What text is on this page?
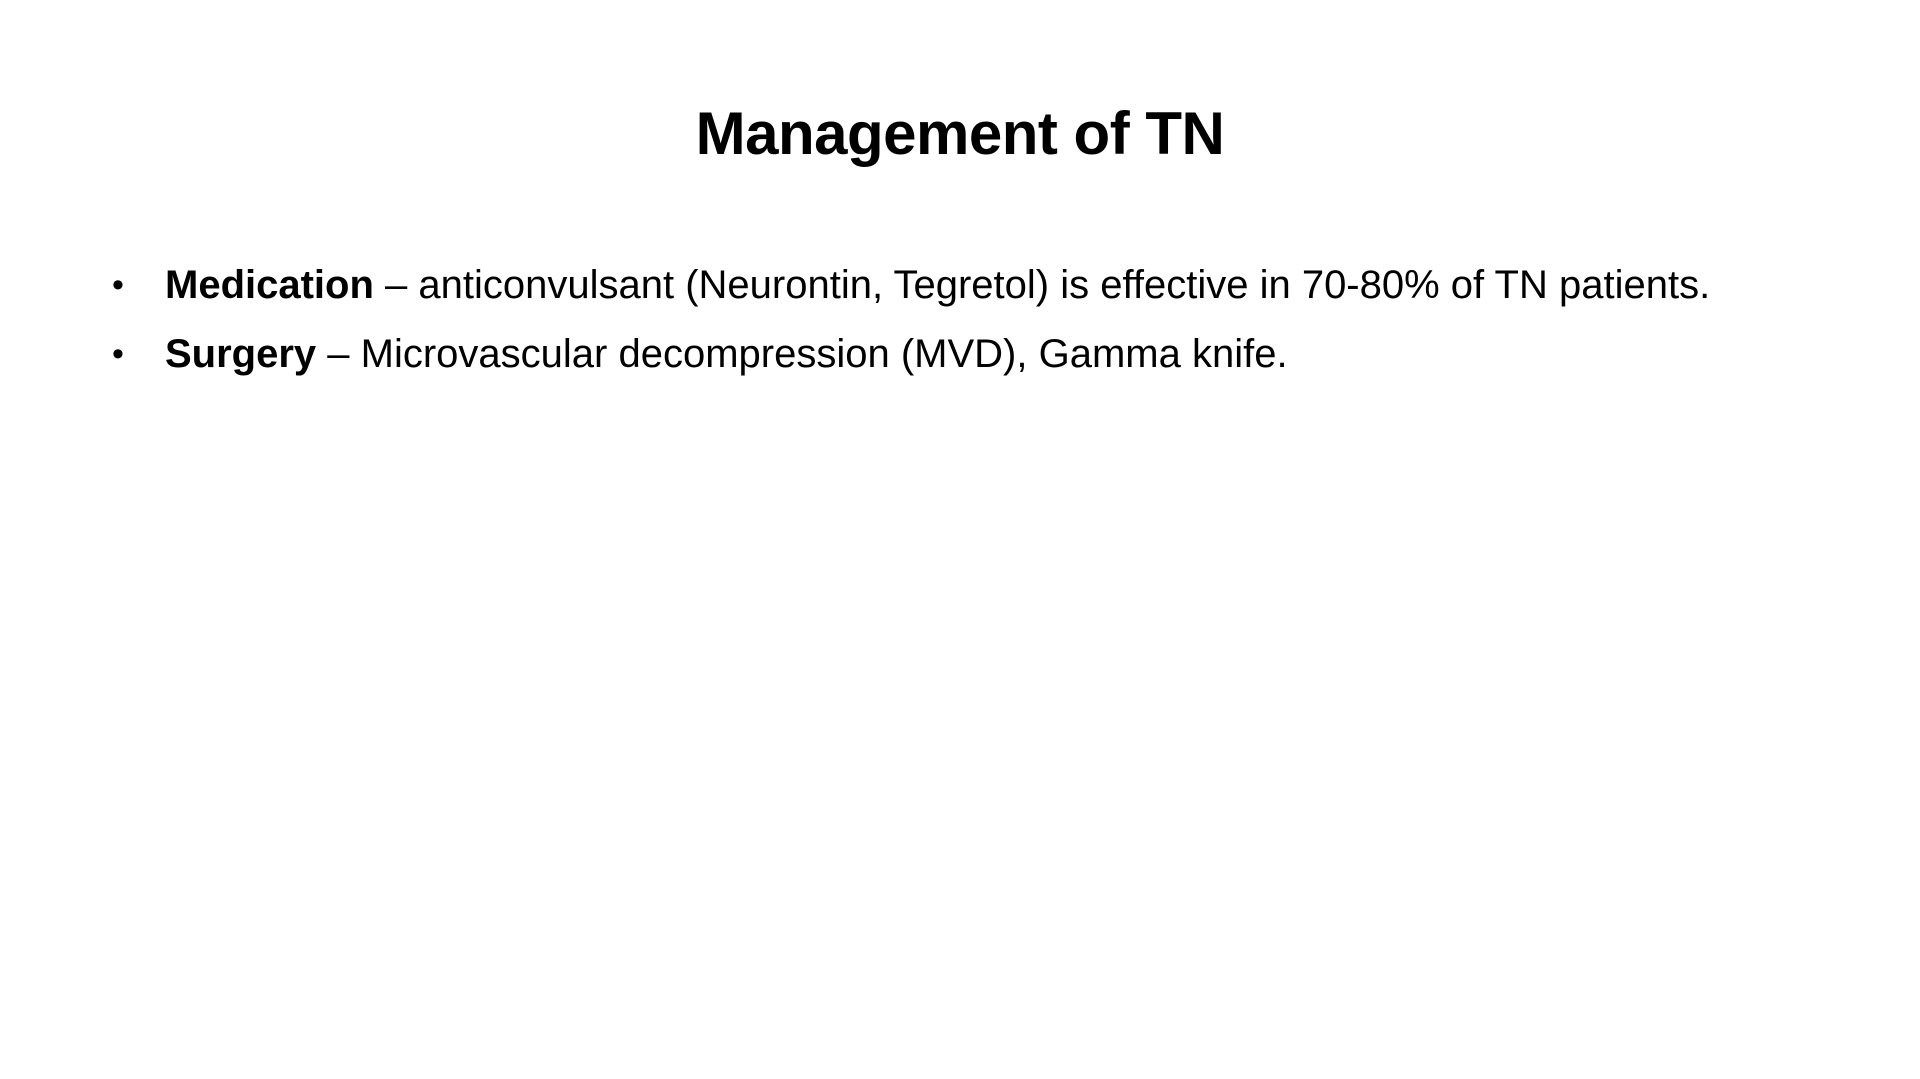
Management of TN
• Medication – anticonvulsant (Neurontin, Tegretol) is effective in 70-80% of TN patients.
• Surgery – Microvascular decompression (MVD), Gamma knife.
